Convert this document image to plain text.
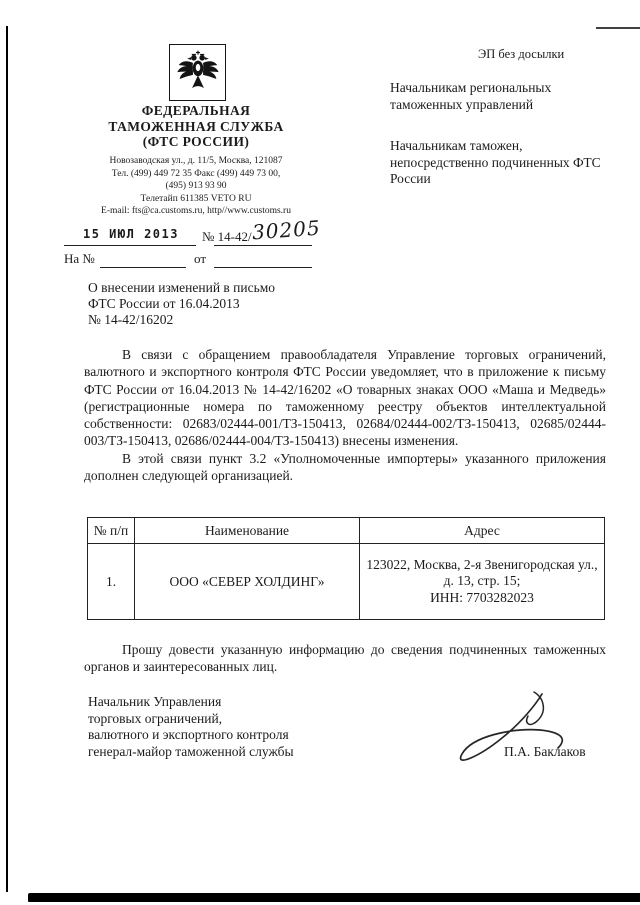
ЭП без досылки
ФЕДЕРАЛЬНАЯ
ТАМОЖЕННАЯ СЛУЖБА
(ФТС РОССИИ)
Новозаводская ул., д. 11/5, Москва, 121087
Тел. (499) 449 72 35 Факс (499) 449 73 00,
(495) 913 93 90
Телетайп 611385 VETO RU
E-mail: fts@ca.customs.ru, http//www.customs.ru
15 ИЮЛ 2013	№ 14-42/ 30205
На №	от
Начальникам региональных таможенных управлений
Начальникам таможен, непосредственно подчиненных ФТС России
О внесении изменений в письмо
ФТС России от 16.04.2013
№ 14-42/16202

В связи с обращением правообладателя Управление торговых ограничений, валютного и экспортного контроля ФТС России уведомляет, что в приложение к письму ФТС России от 16.04.2013 № 14-42/16202 «О товарных знаках ООО «Маша и Медведь» (регистрационные номера по таможенному реестру объектов интеллектуальной собственности: 02683/02444-001/ТЗ-150413, 02684/02444-002/ТЗ-150413, 02685/02444-003/ТЗ-150413, 02686/02444-004/ТЗ-150413) внесены изменения.

В этой связи пункт 3.2 «Уполномоченные импортеры» указанного приложения дополнен следующей организацией.

№ п/п	Наименование	Адрес
1.	ООО «СЕВЕР ХОЛДИНГ»	123022, Москва, 2-я Звенигородская ул.,
д. 13, стр. 15;
ИНН: 7703282023

Прошу довести указанную информацию до сведения подчиненных таможенных органов и заинтересованных лиц.

Начальник Управления
торговых ограничений,
валютного и экспортного контроля
генерал-майор таможенной службы	П.А. Баклаков
